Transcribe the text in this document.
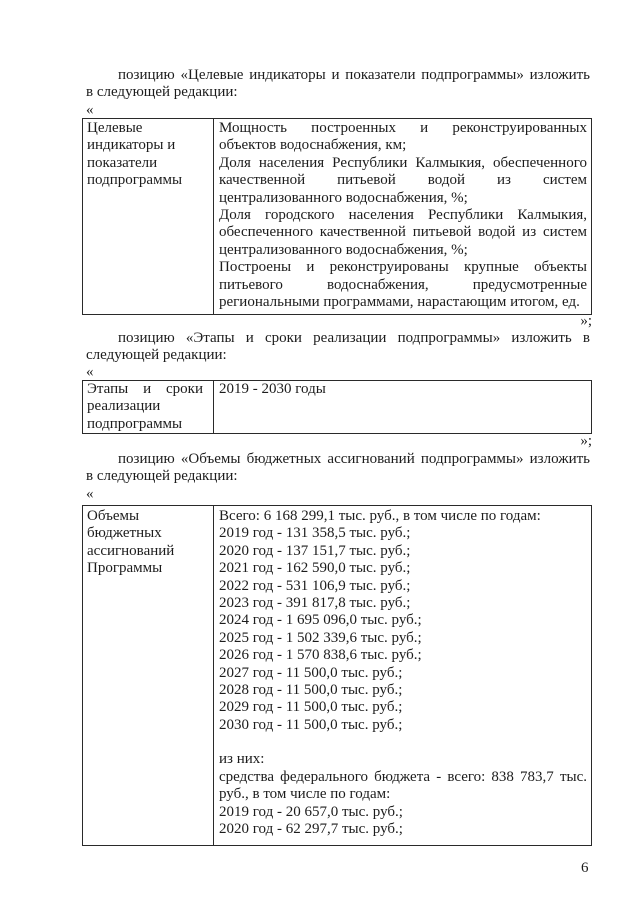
позицию «Целевые индикаторы и показатели подпрограммы» изложить
в следующей редакции:
«
Целевые
индикаторы и
показатели
подпрограммы
Мощность построенных и реконструированных
объектов водоснабжения, км;
Доля населения Республики Калмыкия, обеспеченного
качественной питьевой водой из систем
централизованного водоснабжения, %;
Доля городского населения Республики Калмыкия,
обеспеченного качественной питьевой водой из систем
централизованного водоснабжения, %;
Построены и реконструированы крупные объекты
питьевого водоснабжения, предусмотренные
региональными программами, нарастающим итогом, ед.
»;
позицию «Этапы и сроки реализации подпрограммы» изложить в
следующей редакции:
«
Этапы и сроки
реализации
подпрограммы
2019 - 2030 годы
»;
позицию «Объемы бюджетных ассигнований подпрограммы» изложить
в следующей редакции:
«
Объемы
бюджетных
ассигнований
Программы
Всего: 6 168 299,1 тыс. руб., в том числе по годам:
2019 год - 131 358,5 тыс. руб.;
2020 год - 137 151,7 тыс. руб.;
2021 год - 162 590,0 тыс. руб.;
2022 год - 531 106,9 тыс. руб.;
2023 год - 391 817,8 тыс. руб.;
2024 год - 1 695 096,0 тыс. руб.;
2025 год - 1 502 339,6 тыс. руб.;
2026 год - 1 570 838,6 тыс. руб.;
2027 год - 11 500,0 тыс. руб.;
2028 год - 11 500,0 тыс. руб.;
2029 год - 11 500,0 тыс. руб.;
2030 год - 11 500,0 тыс. руб.;
из них:
средства федерального бюджета - всего: 838 783,7 тыс.
руб., в том числе по годам:
2019 год - 20 657,0 тыс. руб.;
2020 год - 62 297,7 тыс. руб.;
6
